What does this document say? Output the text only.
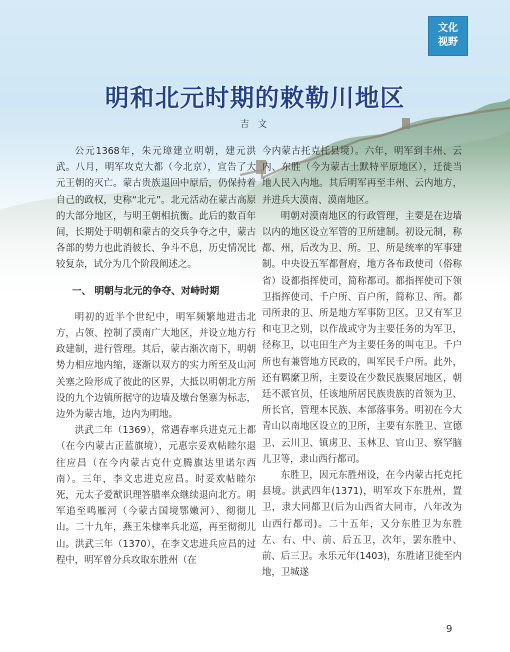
文化
视野
明和北元时期的敕勒川地区
吉 文

公元1368年，朱元璋建立明朝，建元洪武。八月，明军攻克大都（今北京），宣告了大元王朝的灭亡。蒙古贵族退回中原后，仍保持着自己的政权，史称“北元”。北元活动在蒙古高原的大部分地区，与明王朝相抗衡。此后的数百年间，长期处于明朝和蒙古的交兵争夺之中，蒙古各部的势力也此消彼长、争斗不息，历史情况比较复杂，试分为几个阶段阐述之。

一、 明朝与北元的争夺、对峙时期

明初的近半个世纪中，明军频繁地进击北方，占领、控制了漠南广大地区，并设立地方行政建制，进行管理。其后，蒙古渐次南下，明朝势力相应地内缩，逐渐以双方的实力所至及山河关塞之险形成了彼此的区界，大抵以明朝北方所设的九个边镇所据守的边墙及墩台堡寨为标志，边外为蒙古地，边内为明地。

洪武二年（1369），常遇春率兵进克元上都（在今内蒙古正蓝旗境），元惠宗妥欢帖睦尔退往应昌（在今内蒙古克什克腾旗达里诺尔西南）。三年，李文忠进克应昌。时妥欢帖睦尔死，元太子爱猷识理答腊率众继续退向北方。明军追至鸣雁河（今蒙古国境鄂嫩河）、彻彻儿山。二十九年，燕王朱棣率兵北巡，再至彻彻儿山。洪武三年（1370），在李文忠进兵应昌的过程中，明军曾分兵攻取东胜州（在

今内蒙古托克托县境）。六年，明军到丰州、云内、东胜（今为蒙古土默特平原地区），迁徙当地人民入内地。其后明军再至丰州、云内地方，并进兵大漠南、漠南地区。

明朝对漠南地区的行政管理，主要是在边墙以内的地区设立军管的卫所建制。初设元制，称都、州，后改为卫、所。卫、所是统率的军事建制。中央设五军都督府，地方各布政使司（俗称省）设都指挥使司，简称都司。都指挥使司下领卫指挥使司、千户所、百户所，简称卫、所。都司所隶的卫、所是地方军事防卫区。卫又有军卫和屯卫之别，以作战或守为主要任务的为军卫，径称卫，以屯田生产为主要任务的叫屯卫。千户所也有兼管地方民政的，叫军民千户所。此外，还有羁縻卫所，主要设在少数民族聚居地区，朝廷不派官员，任该地所居民族贵族的首领为卫、所长官，管理本民族、本部落事务。明初在今大青山以南地区设立的卫所，主要有东胜卫、宣德卫、云川卫、镇虏卫、玉林卫、官山卫、察罕脑儿卫等，隶山西行都司。

东胜卫，因元东胜州设，在今内蒙古托克托县境。洪武四年(1371)，明军攻下东胜州，置卫，隶大同都卫(后为山西省大同市，八年改为山西行都司)。二十五年，又分东胜卫为东胜左、右、中、前、后五卫，次年，罢东胜中、前、后三卫。永乐元年(1403)，东胜诸卫徙至内地，卫城遂

9
